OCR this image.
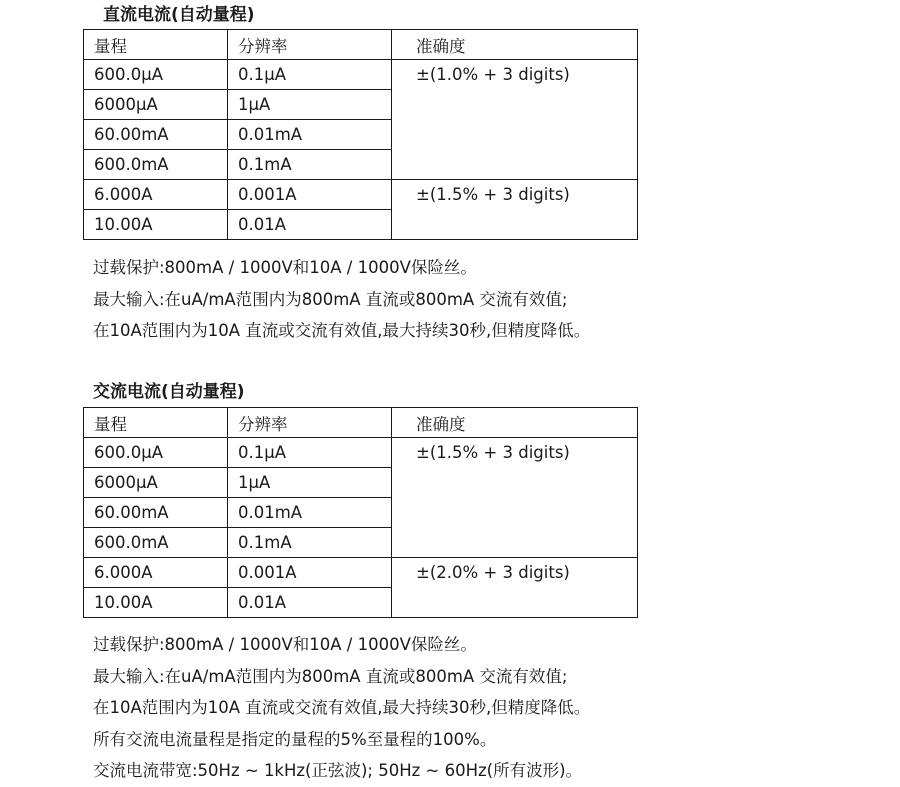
直流电流(自动量程)
量程	分辨率	准确度
600.0μA	0.1μA	±(1.0% + 3 digits)
6000μA	1μA	
60.00mA	0.01mA	
600.0mA	0.1mA	
6.000A	0.001A	±(1.5% + 3 digits)
10.00A	0.01A	
过载保护:800mA / 1000V和10A / 1000V保险丝。
最大输入:在uA/mA范围内为800mA 直流或800mA 交流有效值;
在10A范围内为10A 直流或交流有效值,最大持续30秒,但精度降低。
交流电流(自动量程)
量程	分辨率	准确度
600.0μA	0.1μA	±(1.5% + 3 digits)
6000μA	1μA	
60.00mA	0.01mA	
600.0mA	0.1mA	
6.000A	0.001A	±(2.0% + 3 digits)
10.00A	0.01A	
过载保护:800mA / 1000V和10A / 1000V保险丝。
最大输入:在uA/mA范围内为800mA 直流或800mA 交流有效值;
在10A范围内为10A 直流或交流有效值,最大持续30秒,但精度降低。
所有交流电流量程是指定的量程的5%至量程的100%。
交流电流带宽:50Hz ~ 1kHz(正弦波); 50Hz ~ 60Hz(所有波形)。
